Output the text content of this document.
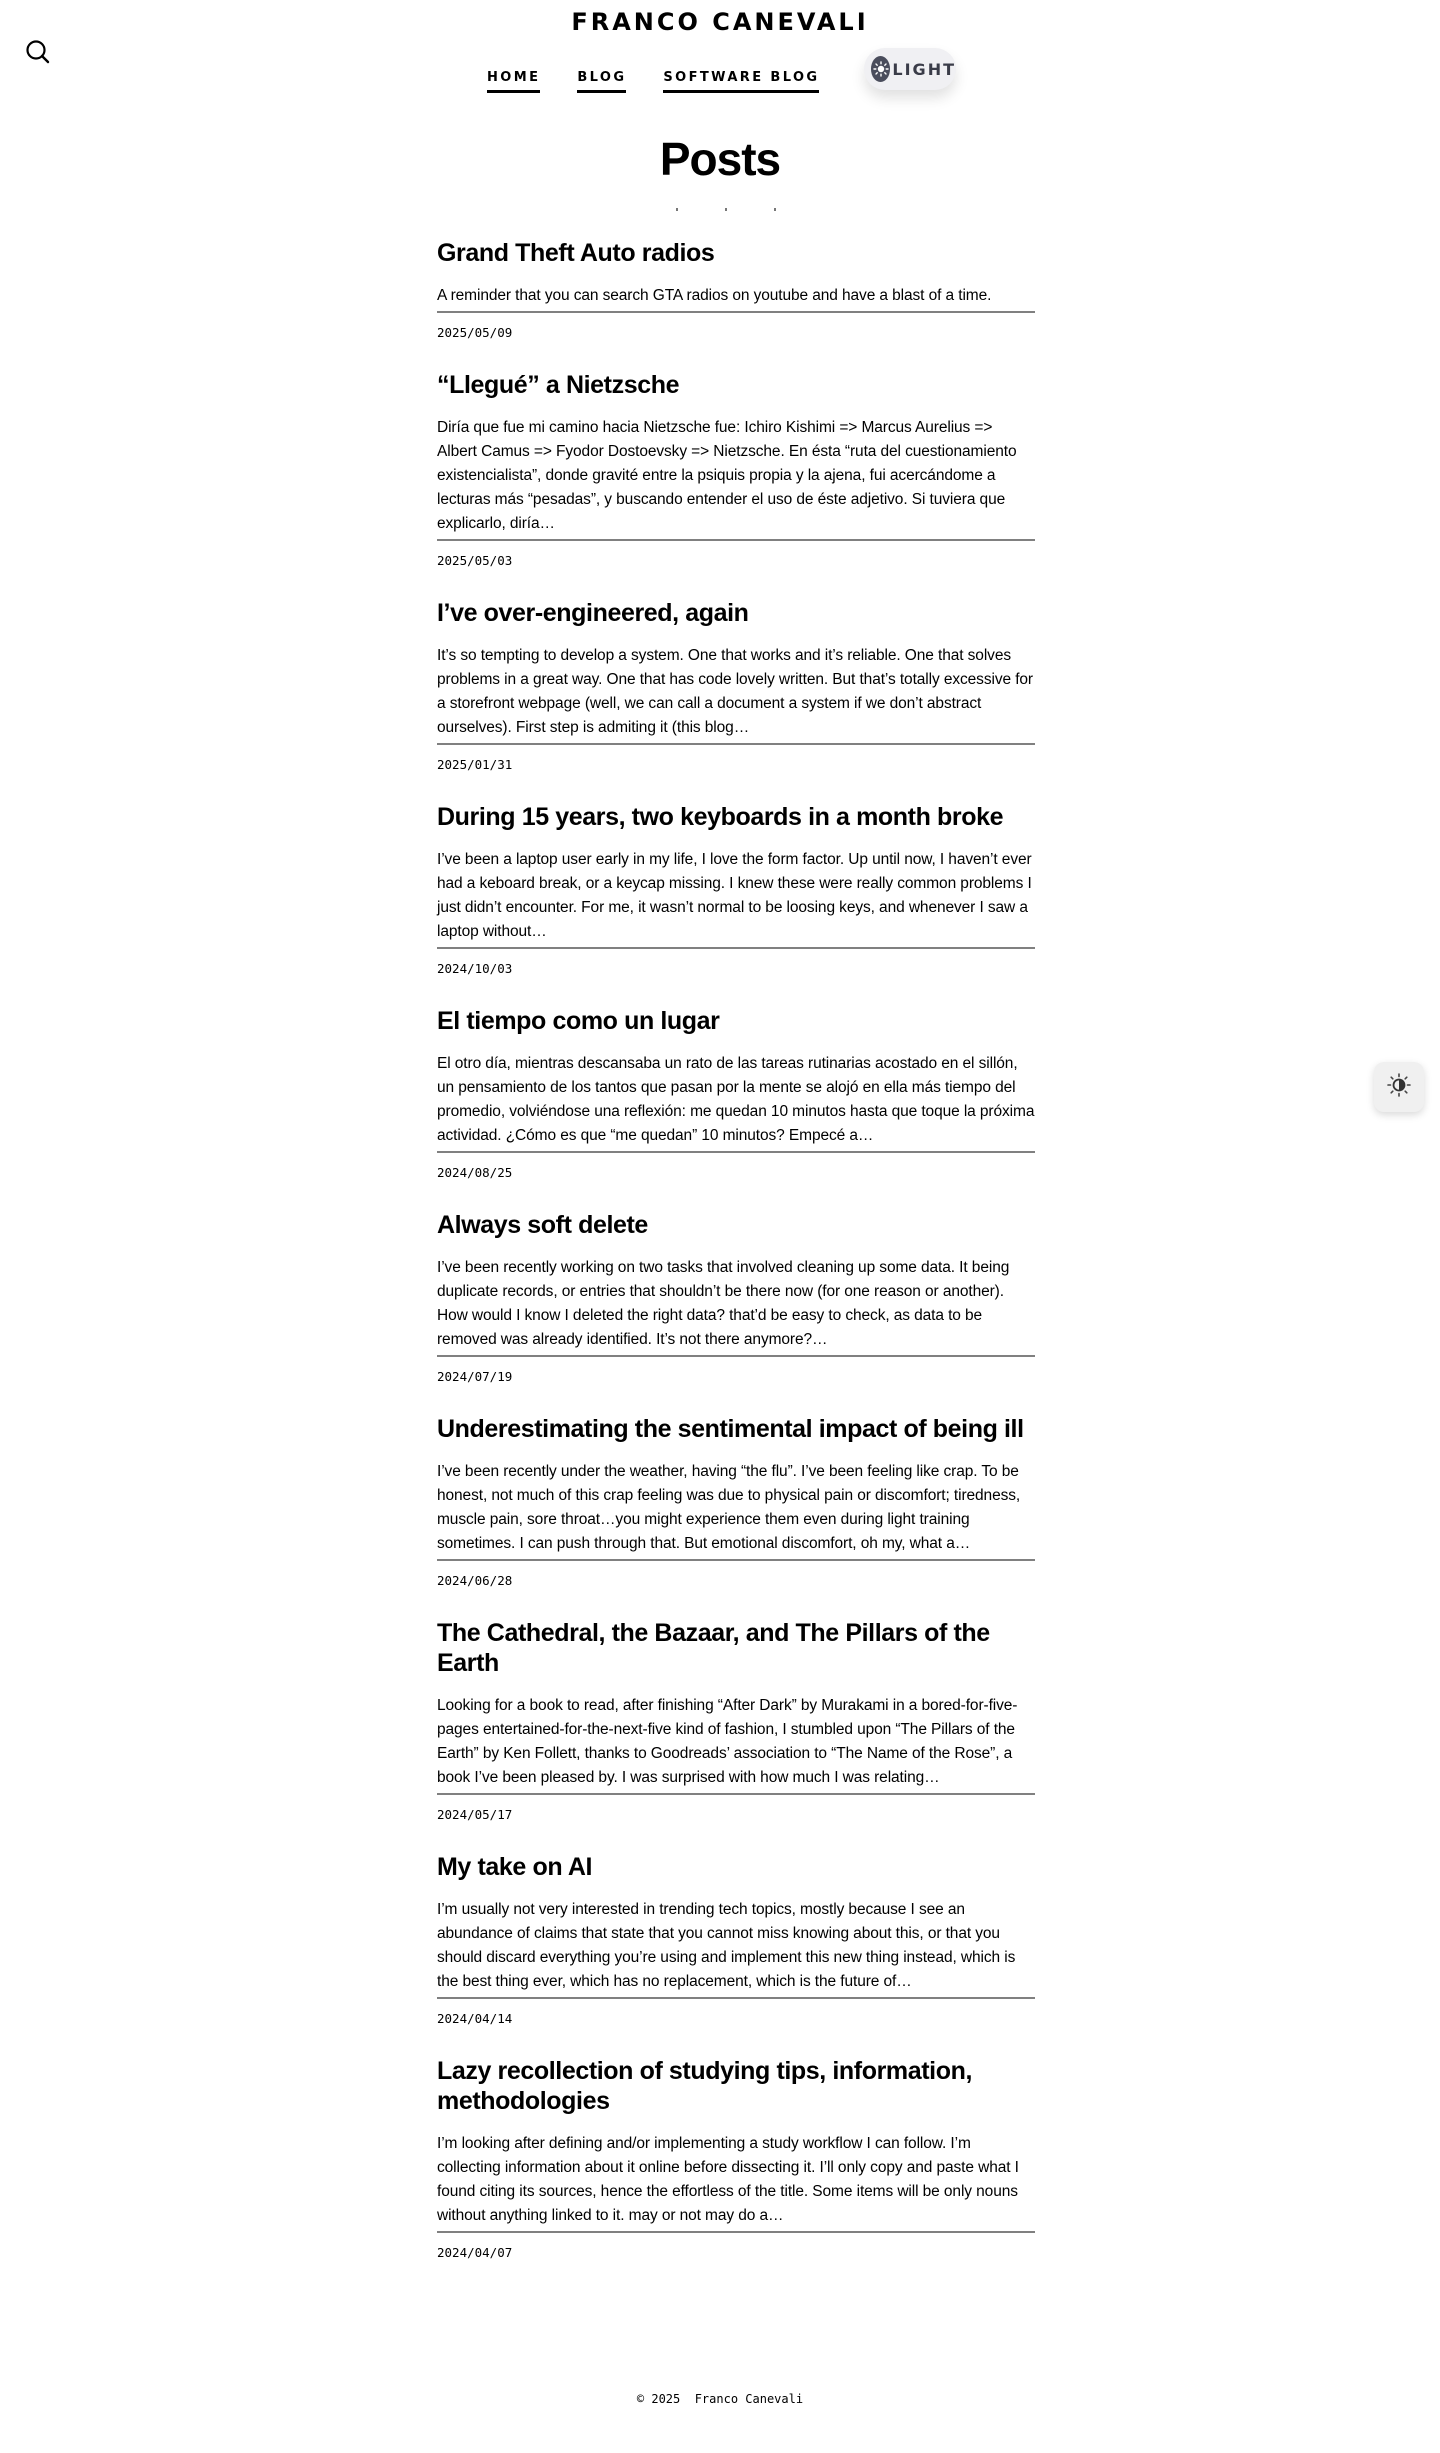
FRANCO CANEVALI
HOME	BLOG	SOFTWARE BLOG	LIGHT
Posts
Grand Theft Auto radios

A reminder that you can search GTA radios on youtube and have a blast of a time.

2025/05/09
“Llegué” a Nietzsche

Diría que fue mi camino hacia Nietzsche fue: Ichiro Kishimi => Marcus Aurelius => Albert Camus => Fyodor Dostoevsky => Nietzsche. En ésta “ruta del cuestionamiento existencialista”, donde gravité entre la psiquis propia y la ajena, fui acercándome a lecturas más “pesadas”, y buscando entender el uso de éste adjetivo. Si tuviera que explicarlo, diría…

2025/05/03
I’ve over-engineered, again

It’s so tempting to develop a system. One that works and it’s reliable. One that solves problems in a great way. One that has code lovely written. But that’s totally excessive for a storefront webpage (well, we can call a document a system if we don’t abstract ourselves). First step is admiting it (this blog…

2025/01/31
During 15 years, two keyboards in a month broke

I’ve been a laptop user early in my life, I love the form factor. Up until now, I haven’t ever had a keboard break, or a keycap missing. I knew these were really common problems I just didn’t encounter. For me, it wasn’t normal to be loosing keys, and whenever I saw a laptop without…

2024/10/03
El tiempo como un lugar

El otro día, mientras descansaba un rato de las tareas rutinarias acostado en el sillón, un pensamiento de los tantos que pasan por la mente se alojó en ella más tiempo del promedio, volviéndose una reflexión: me quedan 10 minutos hasta que toque la próxima actividad. ¿Cómo es que “me quedan” 10 minutos? Empecé a…

2024/08/25
Always soft delete

I’ve been recently working on two tasks that involved cleaning up some data. It being duplicate records, or entries that shouldn’t be there now (for one reason or another). How would I know I deleted the right data? that’d be easy to check, as data to be removed was already identified. It’s not there anymore?…

2024/07/19
Underestimating the sentimental impact of being ill

I’ve been recently under the weather, having “the flu”. I’ve been feeling like crap. To be honest, not much of this crap feeling was due to physical pain or discomfort; tiredness, muscle pain, sore throat…you might experience them even during light training sometimes. I can push through that. But emotional discomfort, oh my, what a…

2024/06/28
The Cathedral, the Bazaar, and The Pillars of the Earth

Looking for a book to read, after finishing “After Dark” by Murakami in a bored-for-five-pages entertained-for-the-next-five kind of fashion, I stumbled upon “The Pillars of the Earth” by Ken Follett, thanks to Goodreads’ association to “The Name of the Rose”, a book I’ve been pleased by. I was surprised with how much I was relating…

2024/05/17
My take on AI

I’m usually not very interested in trending tech topics, mostly because I see an abundance of claims that state that you cannot miss knowing about this, or that you should discard everything you’re using and implement this new thing instead, which is the best thing ever, which has no replacement, which is the future of…

2024/04/14
Lazy recollection of studying tips, information, methodologies

I’m looking after defining and/or implementing a study workflow I can follow. I’m collecting information about it online before dissecting it. I’ll only copy and paste what I found citing its sources, hence the effortless of the title. Some items will be only nouns without anything linked to it. may or not may do a…

2024/04/07
© 2025  Franco Canevali
